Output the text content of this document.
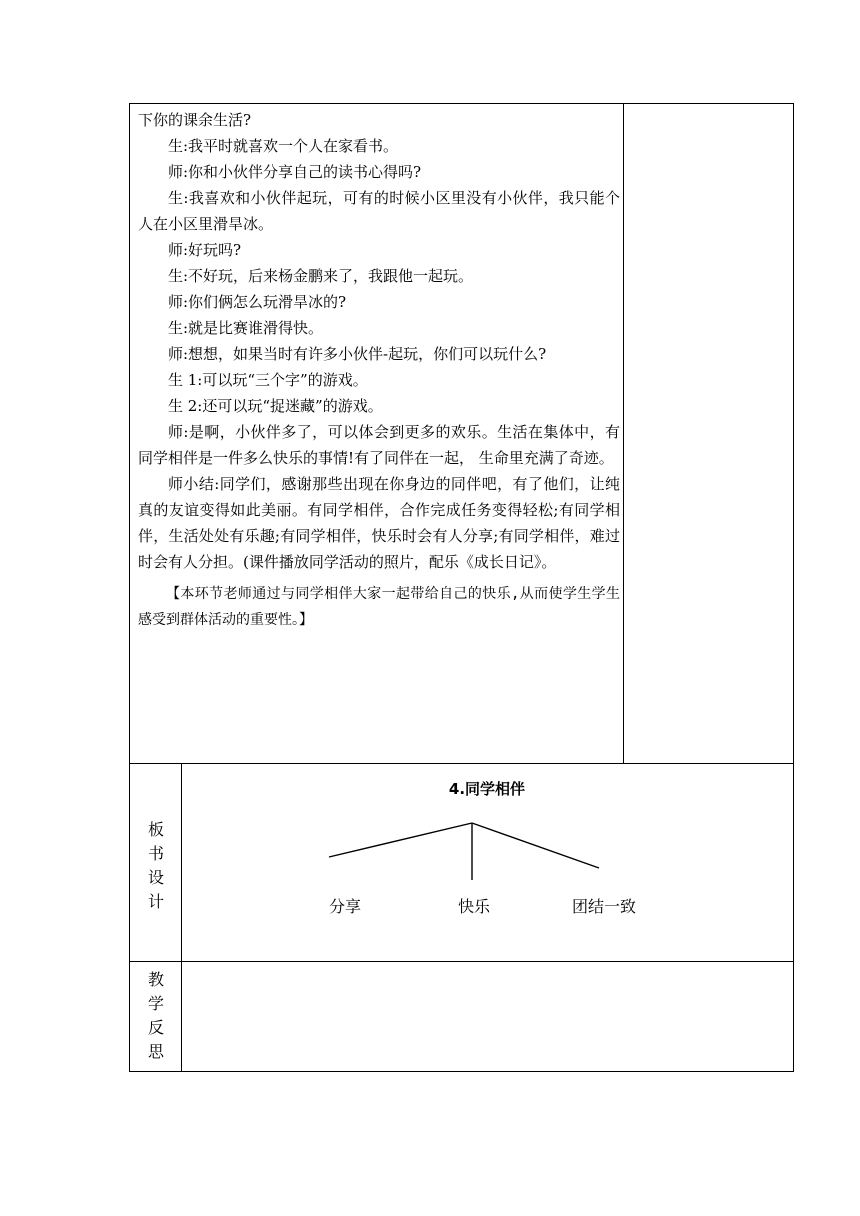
下你的课余生活?

生:我平时就喜欢一个人在家看书。

师:你和小伙伴分享自己的读书心得吗?

生:我喜欢和小伙伴起玩，可有的时候小区里没有小伙伴，我只能个人在小区里滑旱冰。

师:好玩吗?

生:不好玩，后来杨金鹏来了，我跟他一起玩。

师:你们俩怎么玩滑旱冰的?

生:就是比赛谁滑得快。

师:想想，如果当时有许多小伙伴-起玩，你们可以玩什么?

生 1:可以玩“三个字”的游戏。

生 2:还可以玩“捉迷藏”的游戏。

师:是啊，小伙伴多了，可以体会到更多的欢乐。生活在集体中，有同学相伴是一件多么快乐的事情!有了同伴在一起， 生命里充满了奇迹。

师小结:同学们，感谢那些出现在你身边的同伴吧，有了他们，让纯真的友谊变得如此美丽。有同学相伴，合作完成任务变得轻松;有同学相伴，生活处处有乐趣;有同学相伴，快乐时会有人分享;有同学相伴，难过时会有人分担。(课件播放同学活动的照片，配乐《成长日记》。

【本环节老师通过与同学相伴大家一起带给自己的快乐,从而使学生学生感受到群体活动的重要性。】

板
书
设
计
4.同学相伴
分享	快乐	团结一致
教
学
反
思
